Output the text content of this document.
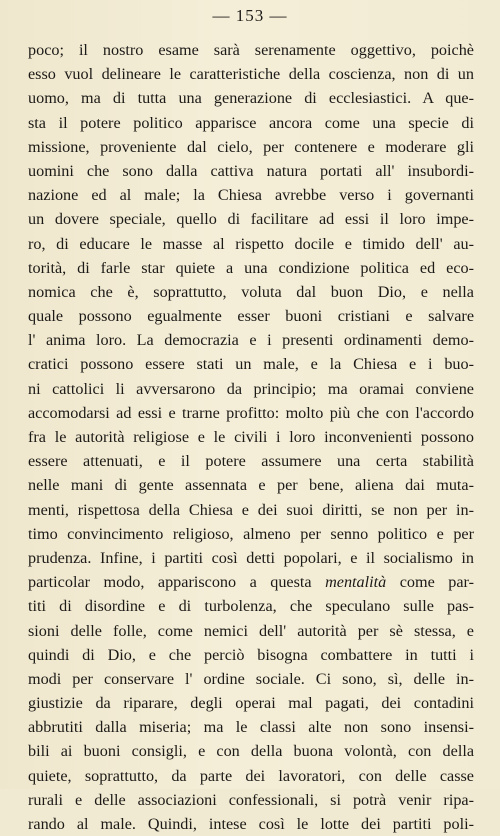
— 153 —
poco; il nostro esame sarà serenamente oggettivo, poichè
esso vuol delineare le caratteristiche della coscienza, non di un
uomo, ma di tutta una generazione di ecclesiastici. A que-
sta il potere politico apparisce ancora come una specie di
missione, proveniente dal cielo, per contenere e moderare gli
uomini che sono dalla cattiva natura portati all' insubordi-
nazione ed al male; la Chiesa avrebbe verso i governanti
un dovere speciale, quello di facilitare ad essi il loro impe-
ro, di educare le masse al rispetto docile e timido dell' au-
torità, di farle star quiete a una condizione politica ed eco-
nomica che è, soprattutto, voluta dal buon Dio, e nella
quale possono egualmente esser buoni cristiani e salvare
l' anima loro. La democrazia e i presenti ordinamenti demo-
cratici possono essere stati un male, e la Chiesa e i buo-
ni cattolici li avversarono da principio; ma oramai conviene
accomodarsi ad essi e trarne profitto: molto più che con l'accordo
fra le autorità religiose e le civili i loro inconvenienti possono
essere attenuati, e il potere assumere una certa stabilità
nelle mani di gente assennata e per bene, aliena dai muta-
menti, rispettosa della Chiesa e dei suoi diritti, se non per in-
timo convincimento religioso, almeno per senno politico e per
prudenza. Infine, i partiti così detti popolari, e il socialismo in
particolar modo, appariscono a questa mentalità come par-
titi di disordine e di turbolenza, che speculano sulle pas-
sioni delle folle, come nemici dell' autorità per sè stessa, e
quindi di Dio, e che perciò bisogna combattere in tutti i
modi per conservare l' ordine sociale. Ci sono, sì, delle in-
giustizie da riparare, degli operai mal pagati, dei contadini
abbrutiti dalla miseria; ma le classi alte non sono insensi-
bili ai buoni consigli, e con della buona volontà, con della
quiete, soprattutto, da parte dei lavoratori, con delle casse
rurali e delle associazioni confessionali, si potrà venir ripa-
rando al male. Quindi, intese così le lotte dei partiti poli-
